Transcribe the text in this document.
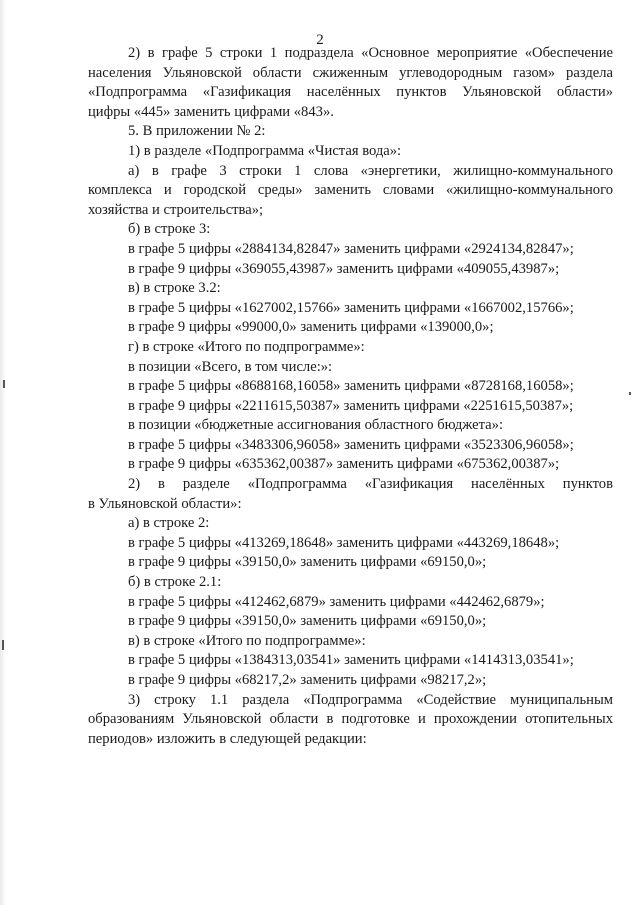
2

2) в графе 5 строки 1 подраздела «Основное мероприятие «Обеспечение

населения Ульяновской области сжиженным углеводородным газом» раздела

«Подпрограмма «Газификация населённых пунктов Ульяновской области»

цифры «445» заменить цифрами «843».

5. В приложении № 2:

1) в разделе «Подпрограмма «Чистая вода»:

а) в графе 3 строки 1 слова «энергетики, жилищно-коммунального

комплекса и городской среды» заменить словами «жилищно-коммунального

хозяйства и строительства»;

б) в строке 3:

в графе 5 цифры «2884134,82847» заменить цифрами «2924134,82847»;

в графе 9 цифры «369055,43987» заменить цифрами «409055,43987»;

в) в строке 3.2:

в графе 5 цифры «1627002,15766» заменить цифрами «1667002,15766»;

в графе 9 цифры «99000,0» заменить цифрами «139000,0»;

г) в строке «Итого по подпрограмме»:

в позиции «Всего, в том числе:»:

в графе 5 цифры «8688168,16058» заменить цифрами «8728168,16058»;

в графе 9 цифры «2211615,50387» заменить цифрами «2251615,50387»;

в позиции «бюджетные ассигнования областного бюджета»:

в графе 5 цифры «3483306,96058» заменить цифрами «3523306,96058»;

в графе 9 цифры «635362,00387» заменить цифрами «675362,00387»;

2) в разделе «Подпрограмма «Газификация населённых пунктов

в Ульяновской области»:

а) в строке 2:

в графе 5 цифры «413269,18648» заменить цифрами «443269,18648»;

в графе 9 цифры «39150,0» заменить цифрами «69150,0»;

б) в строке 2.1:

в графе 5 цифры «412462,6879» заменить цифрами «442462,6879»;

в графе 9 цифры «39150,0» заменить цифрами «69150,0»;

в) в строке «Итого по подпрограмме»:

в графе 5 цифры «1384313,03541» заменить цифрами «1414313,03541»;

в графе 9 цифры «68217,2» заменить цифрами «98217,2»;

3) строку 1.1 раздела «Подпрограмма «Содействие муниципальным

образованиям Ульяновской области в подготовке и прохождении отопительных

периодов» изложить в следующей редакции:
